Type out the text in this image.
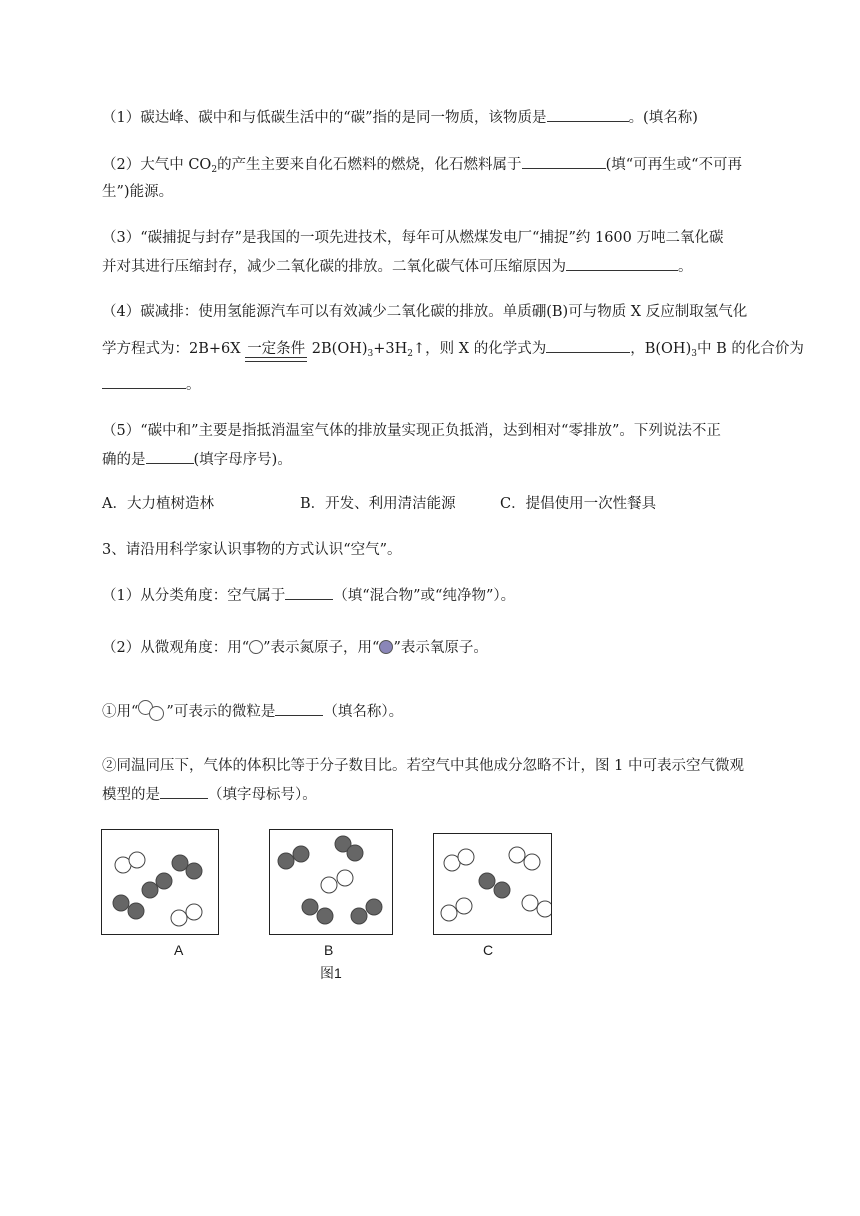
（1）碳达峰、碳中和与低碳生活中的“碳”指的是同一物质，该物质是	。(填名称)
（2）大气中 $CO_2$的产生主要来自化石燃料的燃烧，化石燃料属于	(填“可再生或“不可再
生”)能源。
（3）“碳捕捉与封存”是我国的一项先进技术，每年可从燃煤发电厂“捕捉”约 1600 万吨二氧化碳
并对其进行压缩封存，减少二氧化碳的排放。二氧化碳气体可压缩原因为	。
（4）碳减排：使用氢能源汽车可以有效减少二氧化碳的排放。单质硼(B)可与物质 X 反应制取氢气化
学方程式为：2B+6X 一定条件 $2B(OH)_3+3H_2↑$，则 X 的化学式为	，$B(OH)_3$中 B 的化合价为
。
（5）“碳中和”主要是指抵消温室气体的排放量实现正负抵消，达到相对“零排放”。下列说法不正
确的是	(填字母序号)。
A．大力植树造林	B．开发、利用清洁能源	C．提倡使用一次性餐具
3、请沿用科学家认识事物的方式认识“空气”。
（1）从分类角度：空气属于	（填“混合物”或“纯净物”）。
（2）从微观角度：用“ ”表示氮原子，用“ ”表示氧原子。
①用“ ”可表示的微粒是	（填名称）。
②同温同压下，气体的体积比等于分子数目比。若空气中其他成分忽略不计，图 1 中可表示空气微观
模型的是	（填字母标号）。
A	B	C
图1
